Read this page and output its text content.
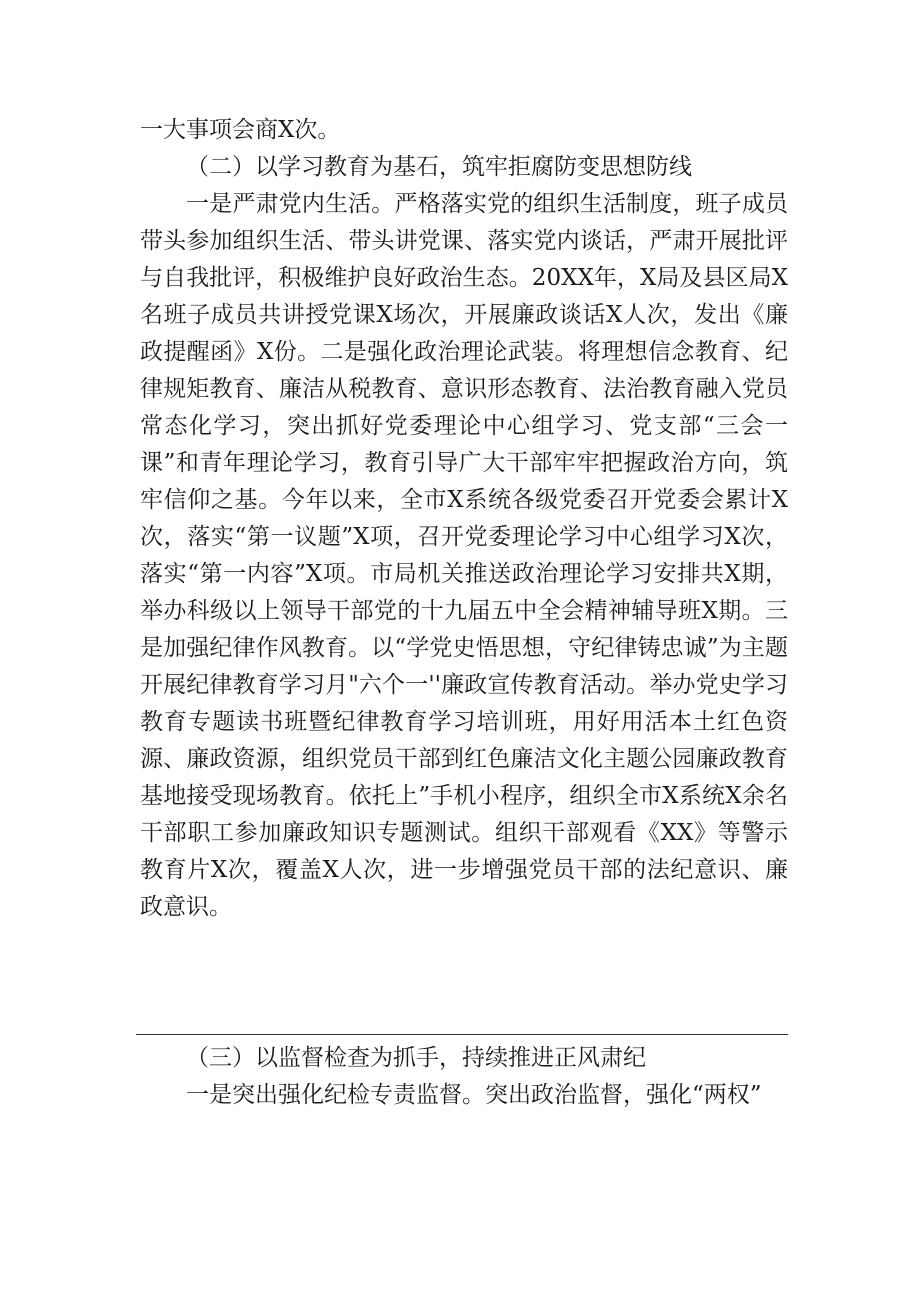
一大事项会商X次。

（二）以学习教育为基石，筑牢拒腐防变思想防线

一是严肃党内生活。严格落实党的组织生活制度，班子成员带头参加组织生活、带头讲党课、落实党内谈话，严肃开展批评与自我批评，积极维护良好政治生态。20XX年，X局及县区局X名班子成员共讲授党课X场次，开展廉政谈话X人次，发出《廉政提醒函》X份。二是强化政治理论武装。将理想信念教育、纪律规矩教育、廉洁从税教育、意识形态教育、法治教育融入党员常态化学习，突出抓好党委理论中心组学习、党支部“三会一课”和青年理论学习，教育引导广大干部牢牢把握政治方向，筑牢信仰之基。今年以来，全市X系统各级党委召开党委会累计X次，落实“第一议题”X项，召开党委理论学习中心组学习X次，落实“第一内容”X项。市局机关推送政治理论学习安排共X期，举办科级以上领导干部党的十九届五中全会精神辅导班X期。三是加强纪律作风教育。以“学党史悟思想，守纪律铸忠诚”为主题开展纪律教育学习月"六个一''廉政宣传教育活动。举办党史学习教育专题读书班暨纪律教育学习培训班，用好用活本土红色资源、廉政资源，组织党员干部到红色廉洁文化主题公园廉政教育基地接受现场教育。依托上”手机小程序，组织全市X系统X余名干部职工参加廉政知识专题测试。组织干部观看《XX》等警示教育片X次，覆盖X人次，进一步增强党员干部的法纪意识、廉政意识。

（三）以监督检查为抓手，持续推进正风肃纪

一是突出强化纪检专责监督。突出政治监督，强化“两权”
